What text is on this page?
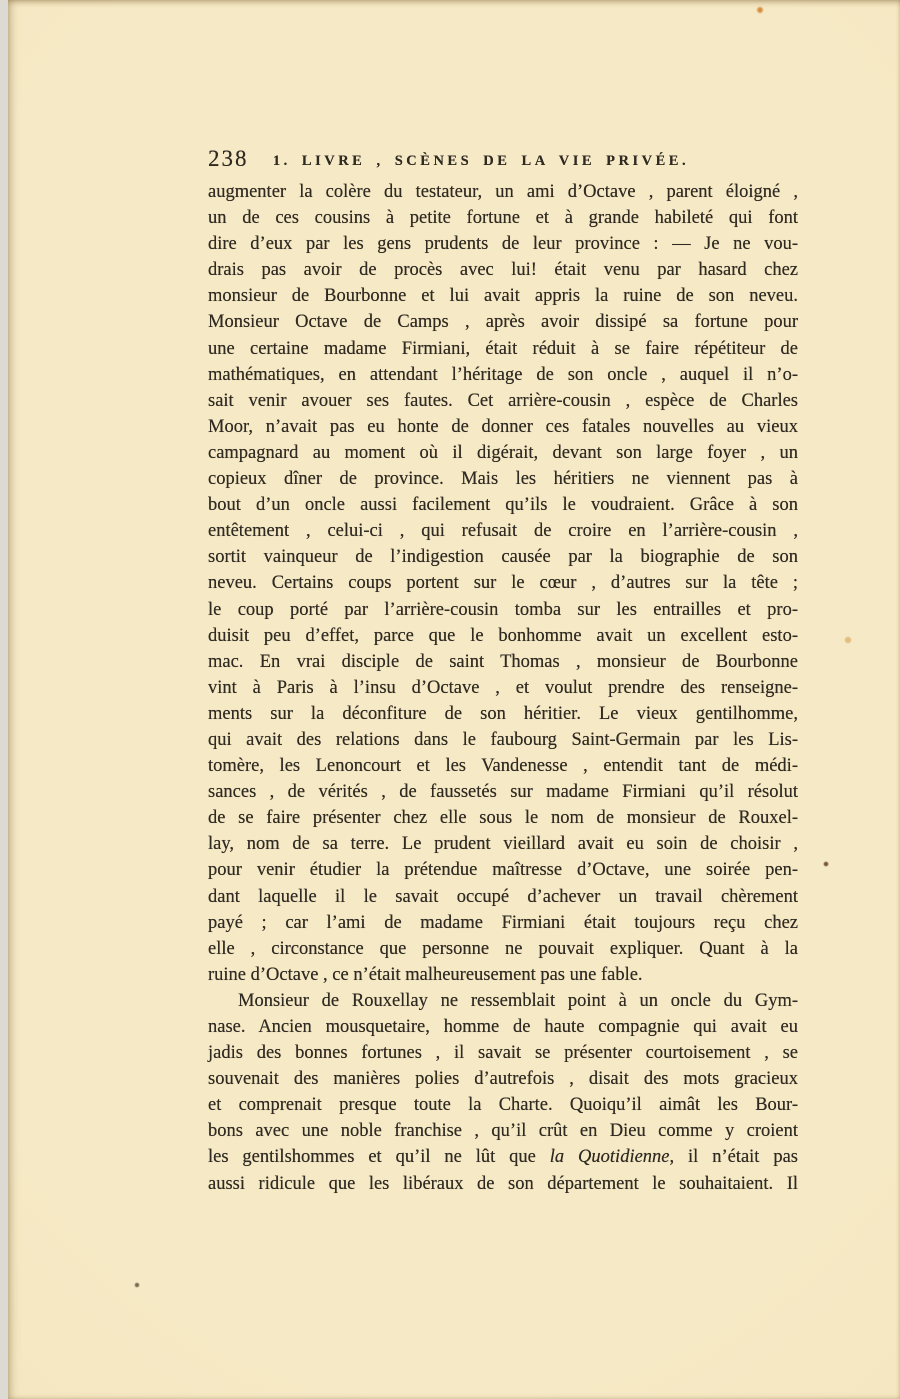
238 1. LIVRE , SCÈNES DE LA VIE PRIVÉE.
augmenter la colère du testateur, un ami d’Octave , parent éloigné ,
un de ces cousins à petite fortune et à grande habileté qui font
dire d’eux par les gens prudents de leur province : — Je ne vou-
drais pas avoir de procès avec lui! était venu par hasard chez
monsieur de Bourbonne et lui avait appris la ruine de son neveu.
Monsieur Octave de Camps , après avoir dissipé sa fortune pour
une certaine madame Firmiani, était réduit à se faire répétiteur de
mathématiques, en attendant l’héritage de son oncle , auquel il n’o-
sait venir avouer ses fautes. Cet arrière-cousin , espèce de Charles
Moor, n’avait pas eu honte de donner ces fatales nouvelles au vieux
campagnard au moment où il digérait, devant son large foyer , un
copieux dîner de province. Mais les héritiers ne viennent pas à
bout d’un oncle aussi facilement qu’ils le voudraient. Grâce à son
entêtement , celui-ci , qui refusait de croire en l’arrière-cousin ,
sortit vainqueur de l’indigestion causée par la biographie de son
neveu. Certains coups portent sur le cœur , d’autres sur la tête ;
le coup porté par l’arrière-cousin tomba sur les entrailles et pro-
duisit peu d’effet, parce que le bonhomme avait un excellent esto-
mac. En vrai disciple de saint Thomas , monsieur de Bourbonne
vint à Paris à l’insu d’Octave , et voulut prendre des renseigne-
ments sur la déconfiture de son héritier. Le vieux gentilhomme,
qui avait des relations dans le faubourg Saint-Germain par les Lis-
tomère, les Lenoncourt et les Vandenesse , entendit tant de médi-
sances , de vérités , de faussetés sur madame Firmiani qu’il résolut
de se faire présenter chez elle sous le nom de monsieur de Rouxel-
lay, nom de sa terre. Le prudent vieillard avait eu soin de choisir ,
pour venir étudier la prétendue maîtresse d’Octave, une soirée pen-
dant laquelle il le savait occupé d’achever un travail chèrement
payé ; car l’ami de madame Firmiani était toujours reçu chez
elle , circonstance que personne ne pouvait expliquer. Quant à la
ruine d’Octave , ce n’était malheureusement pas une fable.
Monsieur de Rouxellay ne ressemblait point à un oncle du Gym-
nase. Ancien mousquetaire, homme de haute compagnie qui avait eu
jadis des bonnes fortunes , il savait se présenter courtoisement , se
souvenait des manières polies d’autrefois , disait des mots gracieux
et comprenait presque toute la Charte. Quoiqu’il aimât les Bour-
bons avec une noble franchise , qu’il crût en Dieu comme y croient
les gentilshommes et qu’il ne lût que la Quotidienne, il n’était pas
aussi ridicule que les libéraux de son département le souhaitaient. Il
